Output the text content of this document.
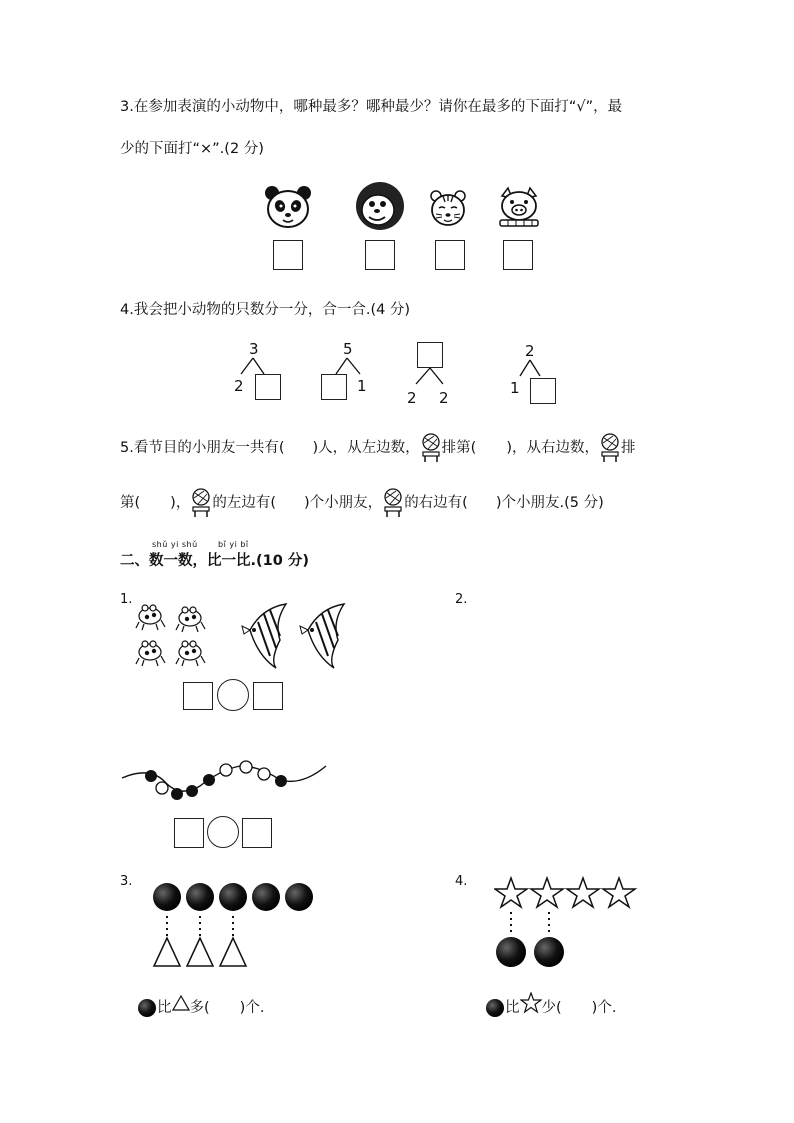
3.在参加表演的小动物中，哪种最多？哪种最少？请你在最多的下面打“√”，最
少的下面打“×”.(2 分)
4.我会把小动物的只数分一分，合一合.(4 分)
3
2
5
1
2 2
2
1
5.看节目的小朋友一共有( )人，从左边数， 排第( )，从右边数， 排
第( )， 的左边有( )个小朋友， 的右边有( )个小朋友.(5 分)
shǔ yi shǔ	bǐ yi bǐ
二、数一数，比一比.(10 分)
1.	2.
3.
比 多( )个.
4.
比 少( )个.
